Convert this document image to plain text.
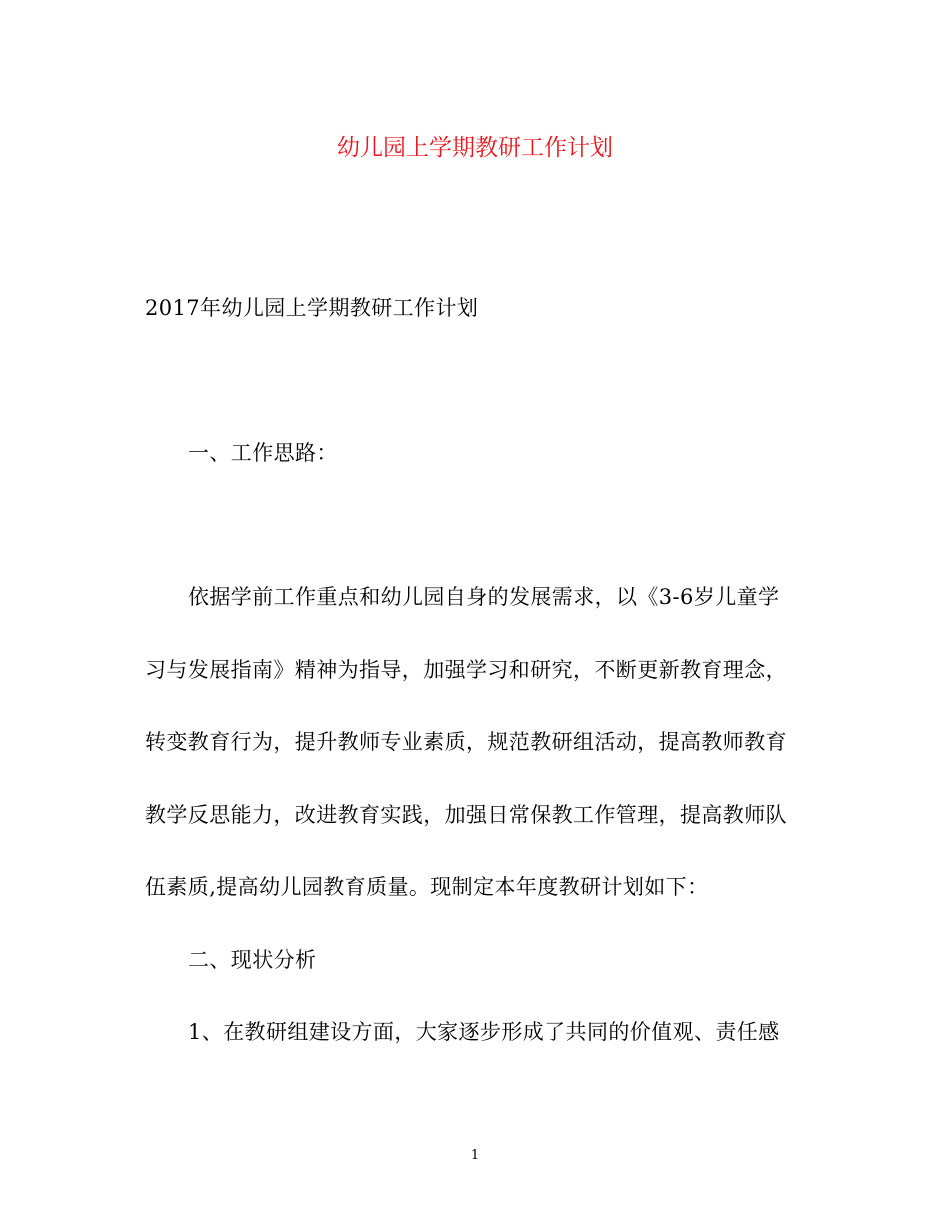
幼儿园上学期教研工作计划
2017年幼儿园上学期教研工作计划
一、工作思路：
依据学前工作重点和幼儿园自身的发展需求，以《3-6岁儿童学
习与发展指南》精神为指导，加强学习和研究，不断更新教育理念，
转变教育行为，提升教师专业素质，规范教研组活动，提高教师教育
教学反思能力，改进教育实践，加强日常保教工作管理，提高教师队
伍素质,提高幼儿园教育质量。现制定本年度教研计划如下：
二、现状分析
1、在教研组建设方面，大家逐步形成了共同的价值观、责任感
1
